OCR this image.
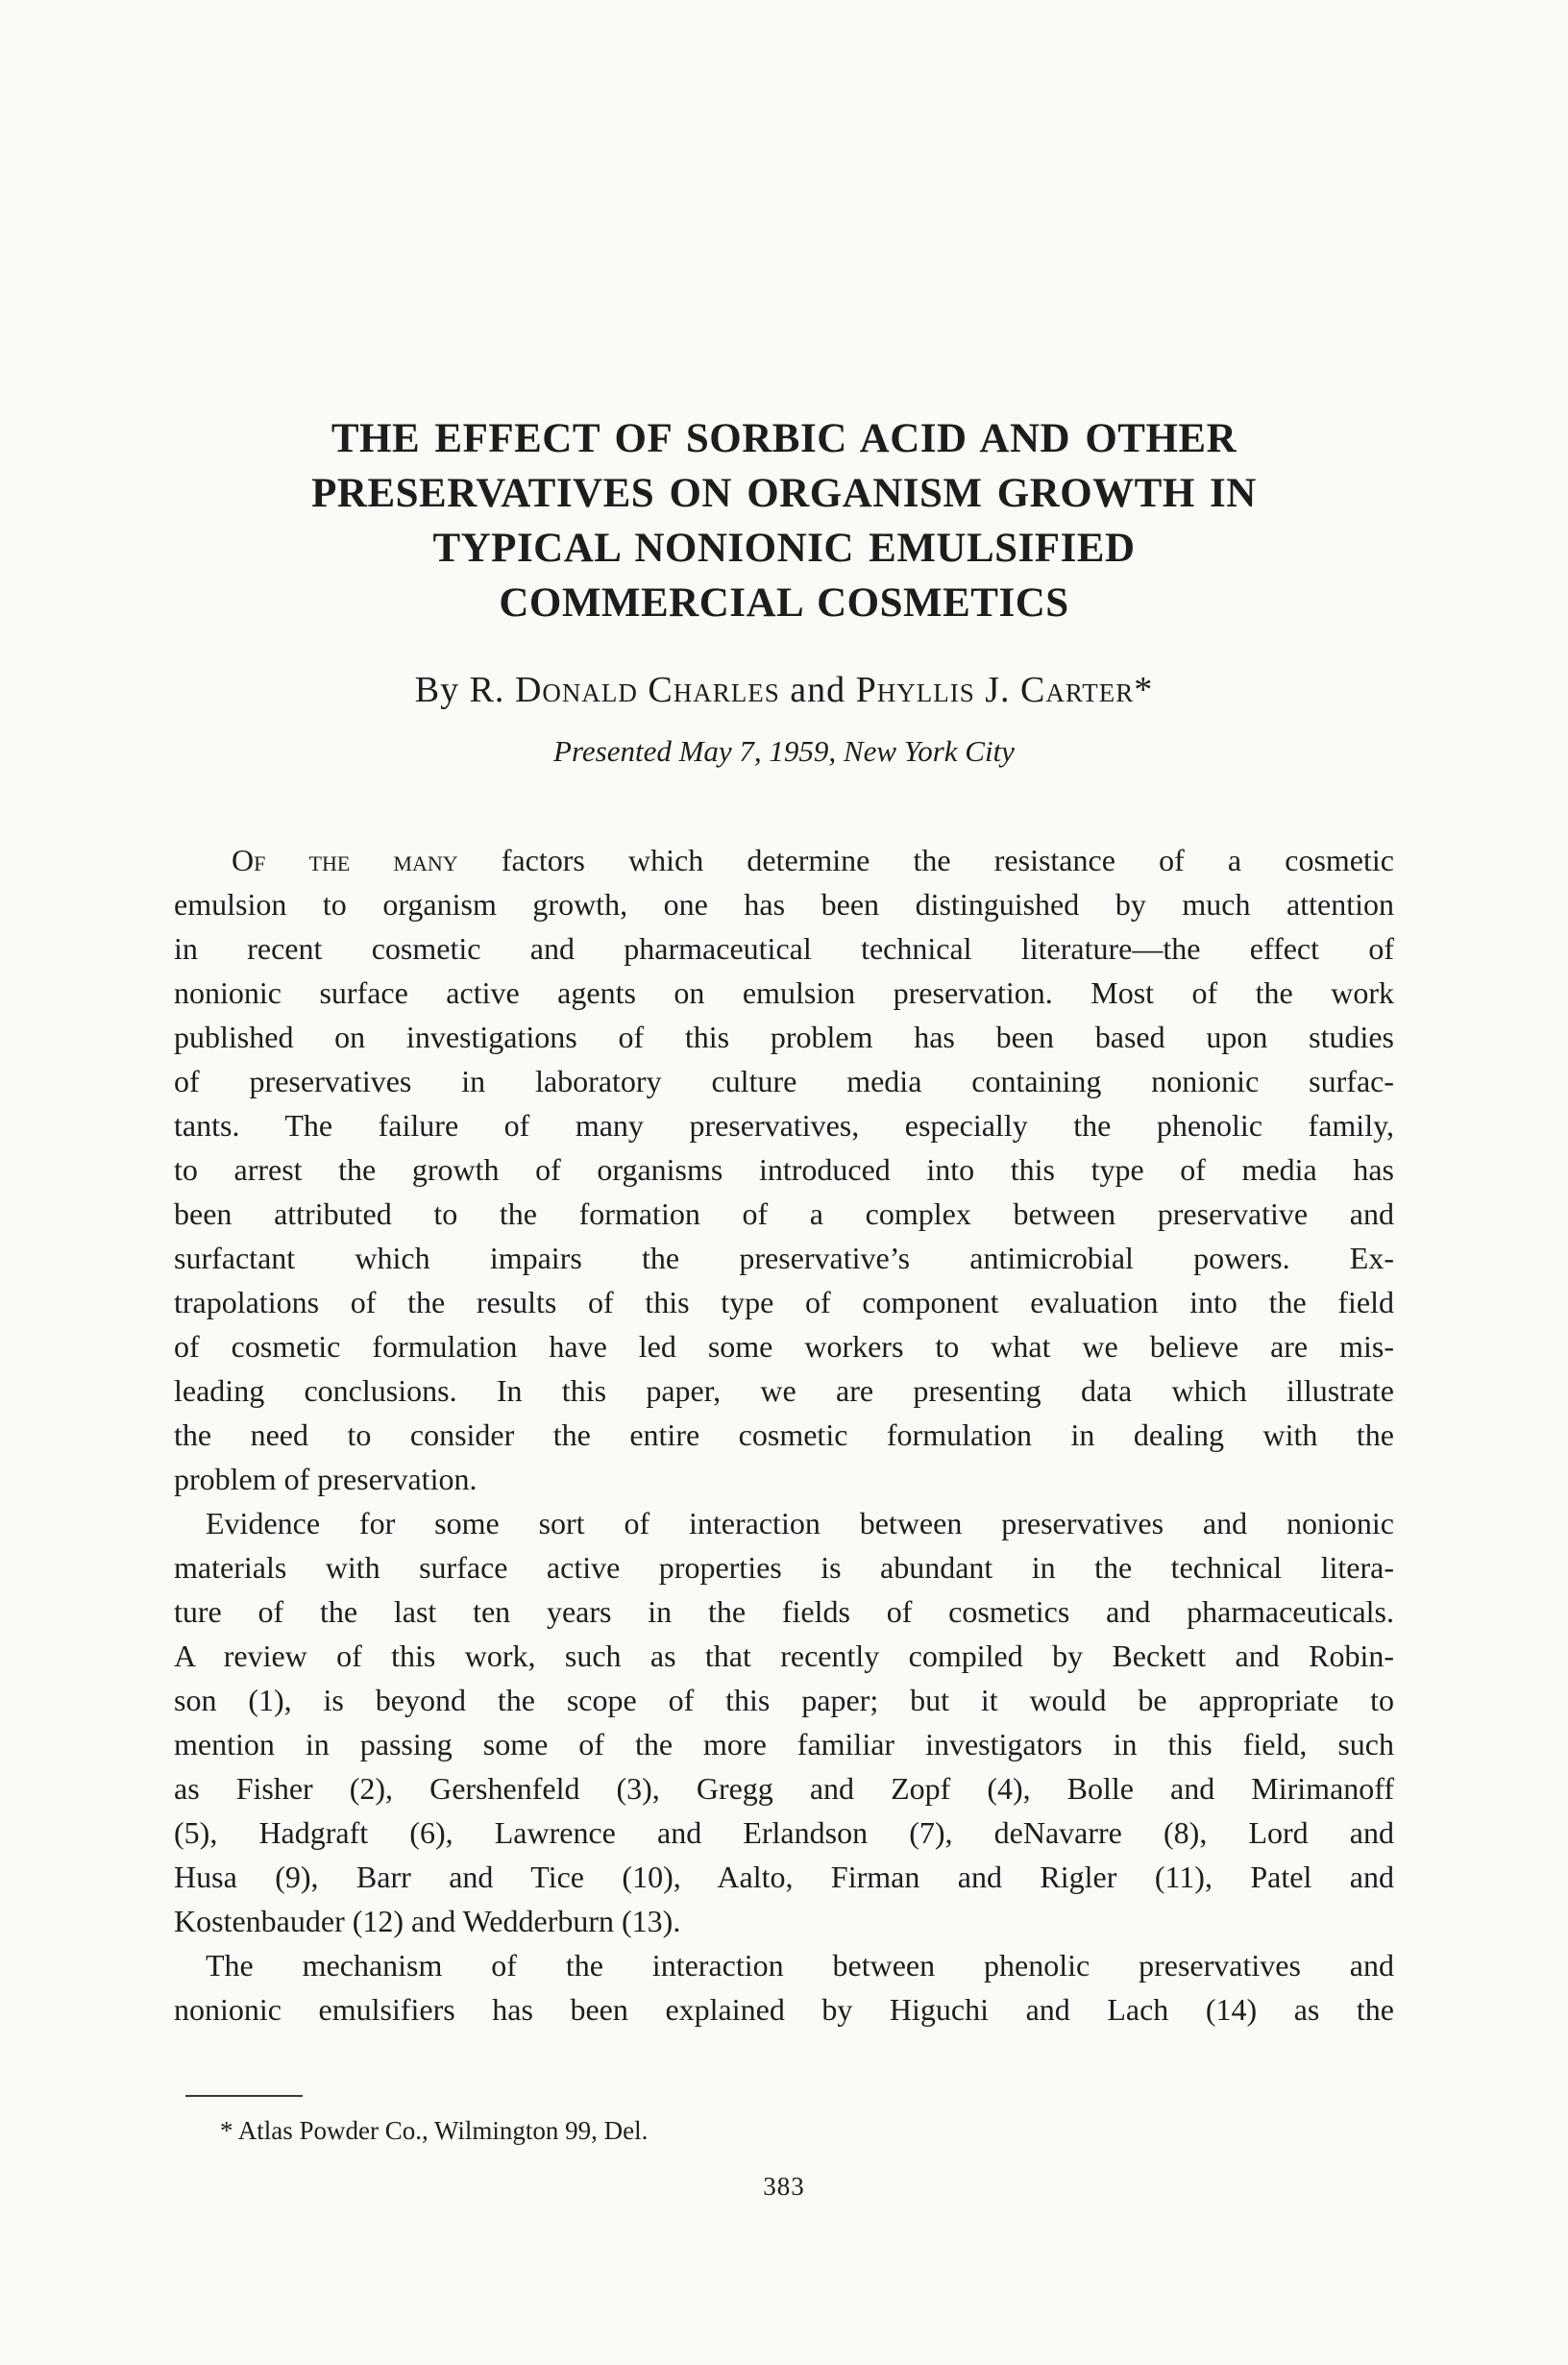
THE EFFECT OF SORBIC ACID AND OTHER
PRESERVATIVES ON ORGANISM GROWTH IN
TYPICAL NONIONIC EMULSIFIED
COMMERCIAL COSMETICS
By R. Donald Charles and Phyllis J. Carter*
Presented May 7, 1959, New York City
Of the many factors which determine the resistance of a cosmetic
emulsion to organism growth, one has been distinguished by much attention
in recent cosmetic and pharmaceutical technical literature—the effect of
nonionic surface active agents on emulsion preservation. Most of the work
published on investigations of this problem has been based upon studies
of preservatives in laboratory culture media containing nonionic surfac-
tants. The failure of many preservatives, especially the phenolic family,
to arrest the growth of organisms introduced into this type of media has
been attributed to the formation of a complex between preservative and
surfactant which impairs the preservative’s antimicrobial powers. Ex-
trapolations of the results of this type of component evaluation into the field
of cosmetic formulation have led some workers to what we believe are mis-
leading conclusions. In this paper, we are presenting data which illustrate
the need to consider the entire cosmetic formulation in dealing with the
problem of preservation.
Evidence for some sort of interaction between preservatives and nonionic
materials with surface active properties is abundant in the technical litera-
ture of the last ten years in the fields of cosmetics and pharmaceuticals.
A review of this work, such as that recently compiled by Beckett and Robin-
son (1), is beyond the scope of this paper; but it would be appropriate to
mention in passing some of the more familiar investigators in this field, such
as Fisher (2), Gershenfeld (3), Gregg and Zopf (4), Bolle and Mirimanoff
(5), Hadgraft (6), Lawrence and Erlandson (7), deNavarre (8), Lord and
Husa (9), Barr and Tice (10), Aalto, Firman and Rigler (11), Patel and
Kostenbauder (12) and Wedderburn (13).
The mechanism of the interaction between phenolic preservatives and
nonionic emulsifiers has been explained by Higuchi and Lach (14) as the
* Atlas Powder Co., Wilmington 99, Del.
383
